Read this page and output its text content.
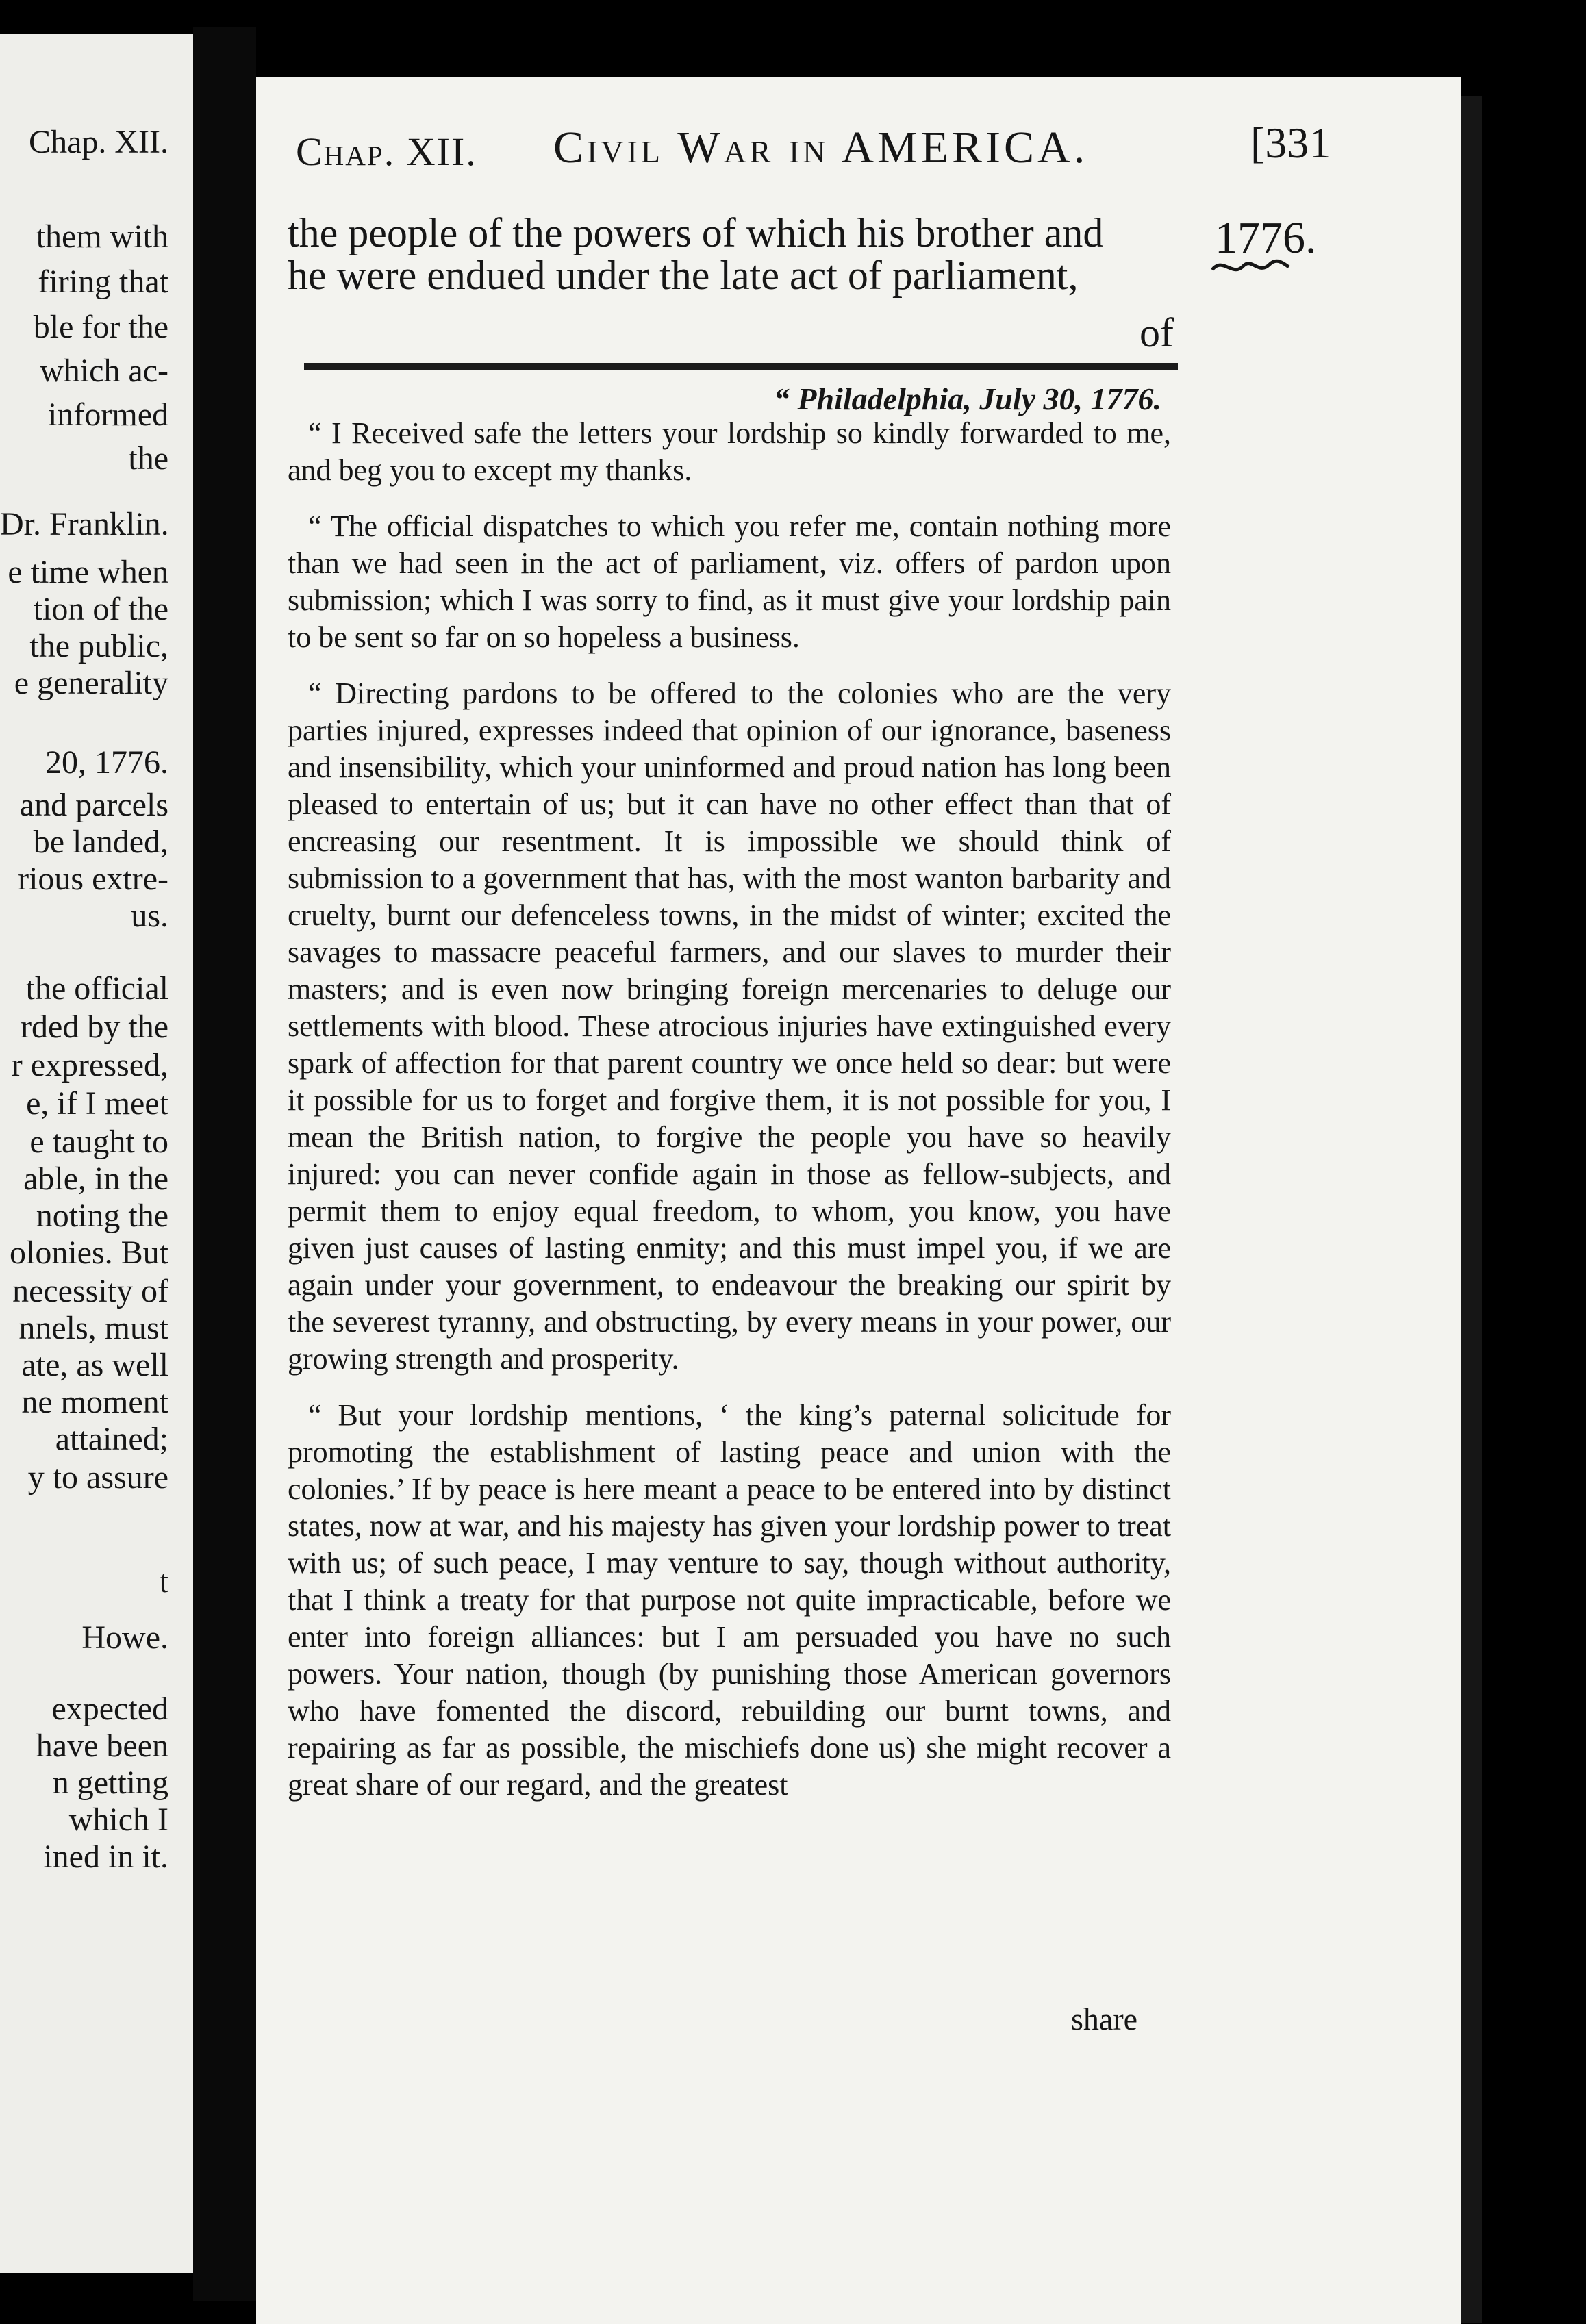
Chap. XII.
them with
firing that
ble for the
which ac-
informed
the
Dr. Franklin.
e time when
tion of the
the public,
e generality
20, 1776.
and parcels
be landed,
rious extre-
us.
the official
rded by the
r expressed,
e, if I meet
e taught to
able, in the
noting the
olonies. But
necessity of
nnels, must
ate, as well
ne moment
attained;
y to assure
t
Howe.
expected
have been
n getting
which I
ined in it.
Chap. XII. Civil War in AMERICA.	[331
the people of the powers of which his brother and
he were endued under the late act of parliament,
of
1776.
“ Philadelphia, July 30, 1776.

“ I Received safe the letters your lordship so kindly forwarded to me, and beg you to except my thanks.

“ The official dispatches to which you refer me, contain nothing more than we had seen in the act of parliament, viz. offers of pardon upon submission; which I was sorry to find, as it must give your lordship pain to be sent so far on so hopeless a business.

“ Directing pardons to be offered to the colonies who are the very parties injured, expresses indeed that opinion of our ignorance, baseness and insensibility, which your uninformed and proud nation has long been pleased to entertain of us; but it can have no other effect than that of encreasing our resentment. It is impossible we should think of submission to a government that has, with the most wanton barbarity and cruelty, burnt our defenceless towns, in the midst of winter; excited the savages to massacre peaceful farmers, and our slaves to murder their masters; and is even now bringing foreign mercenaries to deluge our settlements with blood. These atrocious injuries have extinguished every spark of affection for that parent country we once held so dear: but were it possible for us to forget and forgive them, it is not possible for you, I mean the British nation, to forgive the people you have so heavily injured: you can never confide again in those as fellow-subjects, and permit them to enjoy equal freedom, to whom, you know, you have given just causes of lasting enmity; and this must impel you, if we are again under your government, to endeavour the breaking our spirit by the severest tyranny, and obstructing, by every means in your power, our growing strength and prosperity.

“ But your lordship mentions, ‘ the king’s paternal solicitude for promoting the establishment of lasting peace and union with the colonies.’ If by peace is here meant a peace to be entered into by distinct states, now at war, and his majesty has given your lordship power to treat with us; of such peace, I may venture to say, though without authority, that I think a treaty for that purpose not quite impracticable, before we enter into foreign alliances: but I am persuaded you have no such powers. Your nation, though (by punishing those American governors who have fomented the discord, rebuilding our burnt towns, and repairing as far as possible, the mischiefs done us) she might recover a great share of our regard, and the greatest

share
